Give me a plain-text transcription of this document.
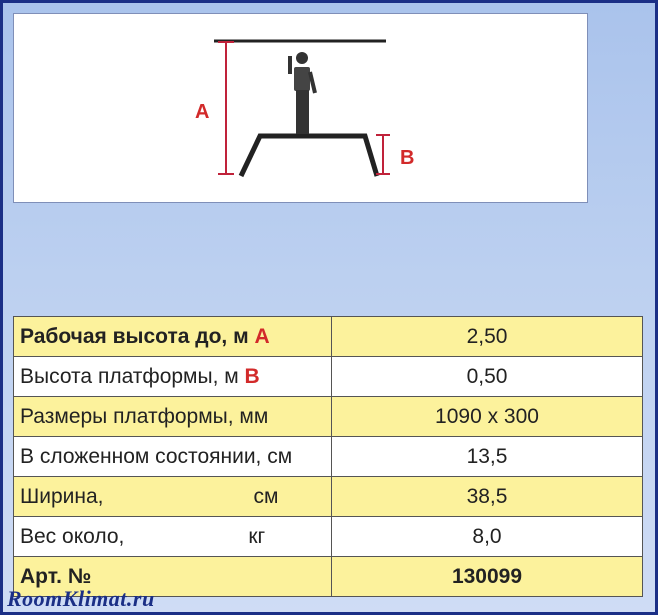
A
B
Рабочая высота до, м A	2,50
Высота платформы, м B	0,50
Размеры платформы, мм	1090 x 300
В сложенном состоянии, см	13,5
Ширина, см	38,5
Вес около, кг	8,0
Арт. №	130099
RoomKlimat.ru
